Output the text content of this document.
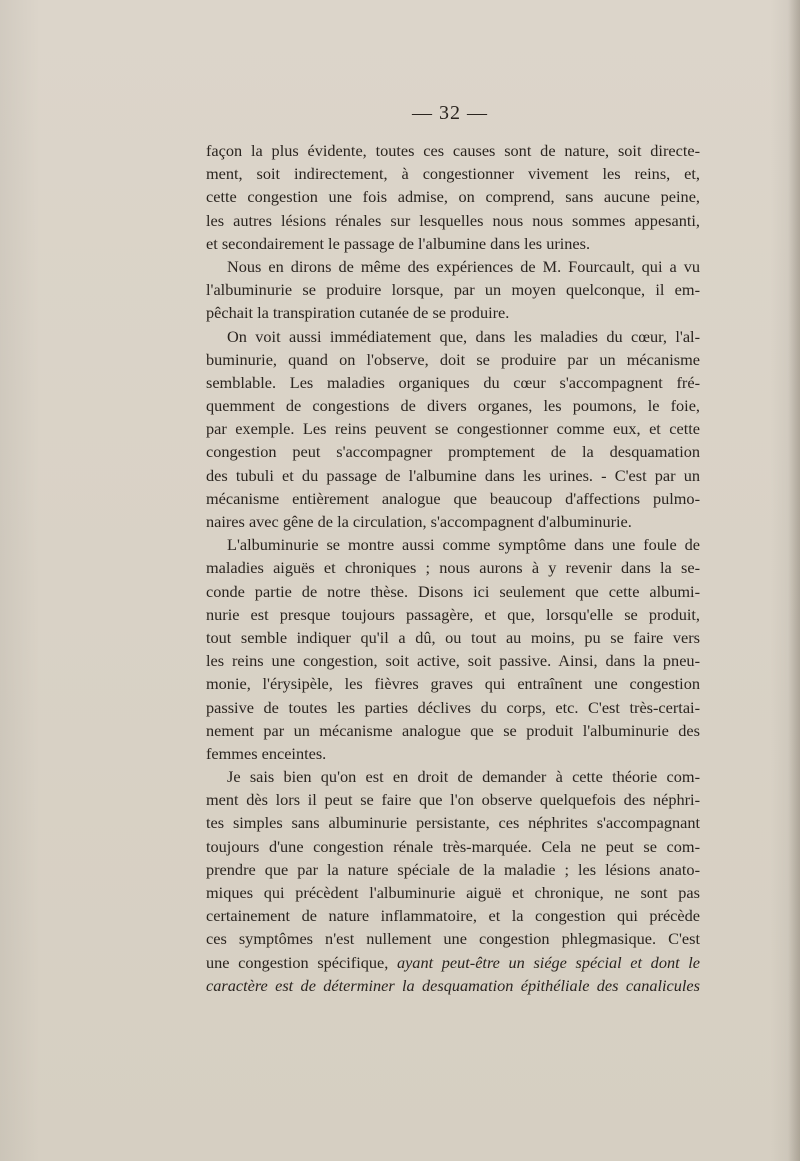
— 32 —
façon la plus évidente, toutes ces causes sont de nature, soit directe-
ment, soit indirectement, à congestionner vivement les reins, et,
cette congestion une fois admise, on comprend, sans aucune peine,
les autres lésions rénales sur lesquelles nous nous sommes appesanti,
et secondairement le passage de l'albumine dans les urines.
Nous en dirons de même des expériences de M. Fourcault, qui a vu
l'albuminurie se produire lorsque, par un moyen quelconque, il em-
pêchait la transpiration cutanée de se produire.
On voit aussi immédiatement que, dans les maladies du cœur, l'al-
buminurie, quand on l'observe, doit se produire par un mécanisme
semblable. Les maladies organiques du cœur s'accompagnent fré-
quemment de congestions de divers organes, les poumons, le foie,
par exemple. Les reins peuvent se congestionner comme eux, et cette
congestion peut s'accompagner promptement de la desquamation
des tubuli et du passage de l'albumine dans les urines. - C'est par un
mécanisme entièrement analogue que beaucoup d'affections pulmo-
naires avec gêne de la circulation, s'accompagnent d'albuminurie.
L'albuminurie se montre aussi comme symptôme dans une foule de
maladies aiguës et chroniques ; nous aurons à y revenir dans la se-
conde partie de notre thèse. Disons ici seulement que cette albumi-
nurie est presque toujours passagère, et que, lorsqu'elle se produit,
tout semble indiquer qu'il a dû, ou tout au moins, pu se faire vers
les reins une congestion, soit active, soit passive. Ainsi, dans la pneu-
monie, l'érysipèle, les fièvres graves qui entraînent une congestion
passive de toutes les parties déclives du corps, etc. C'est très-certai-
nement par un mécanisme analogue que se produit l'albuminurie des
femmes enceintes.
Je sais bien qu'on est en droit de demander à cette théorie com-
ment dès lors il peut se faire que l'on observe quelquefois des néphri-
tes simples sans albuminurie persistante, ces néphrites s'accompagnant
toujours d'une congestion rénale très-marquée. Cela ne peut se com-
prendre que par la nature spéciale de la maladie ; les lésions anato-
miques qui précèdent l'albuminurie aiguë et chronique, ne sont pas
certainement de nature inflammatoire, et la congestion qui précède
ces symptômes n'est nullement une congestion phlegmasique. C'est
une congestion spécifique, ayant peut-être un siége spécial et dont le
caractère est de déterminer la desquamation épithéliale des canalicules
